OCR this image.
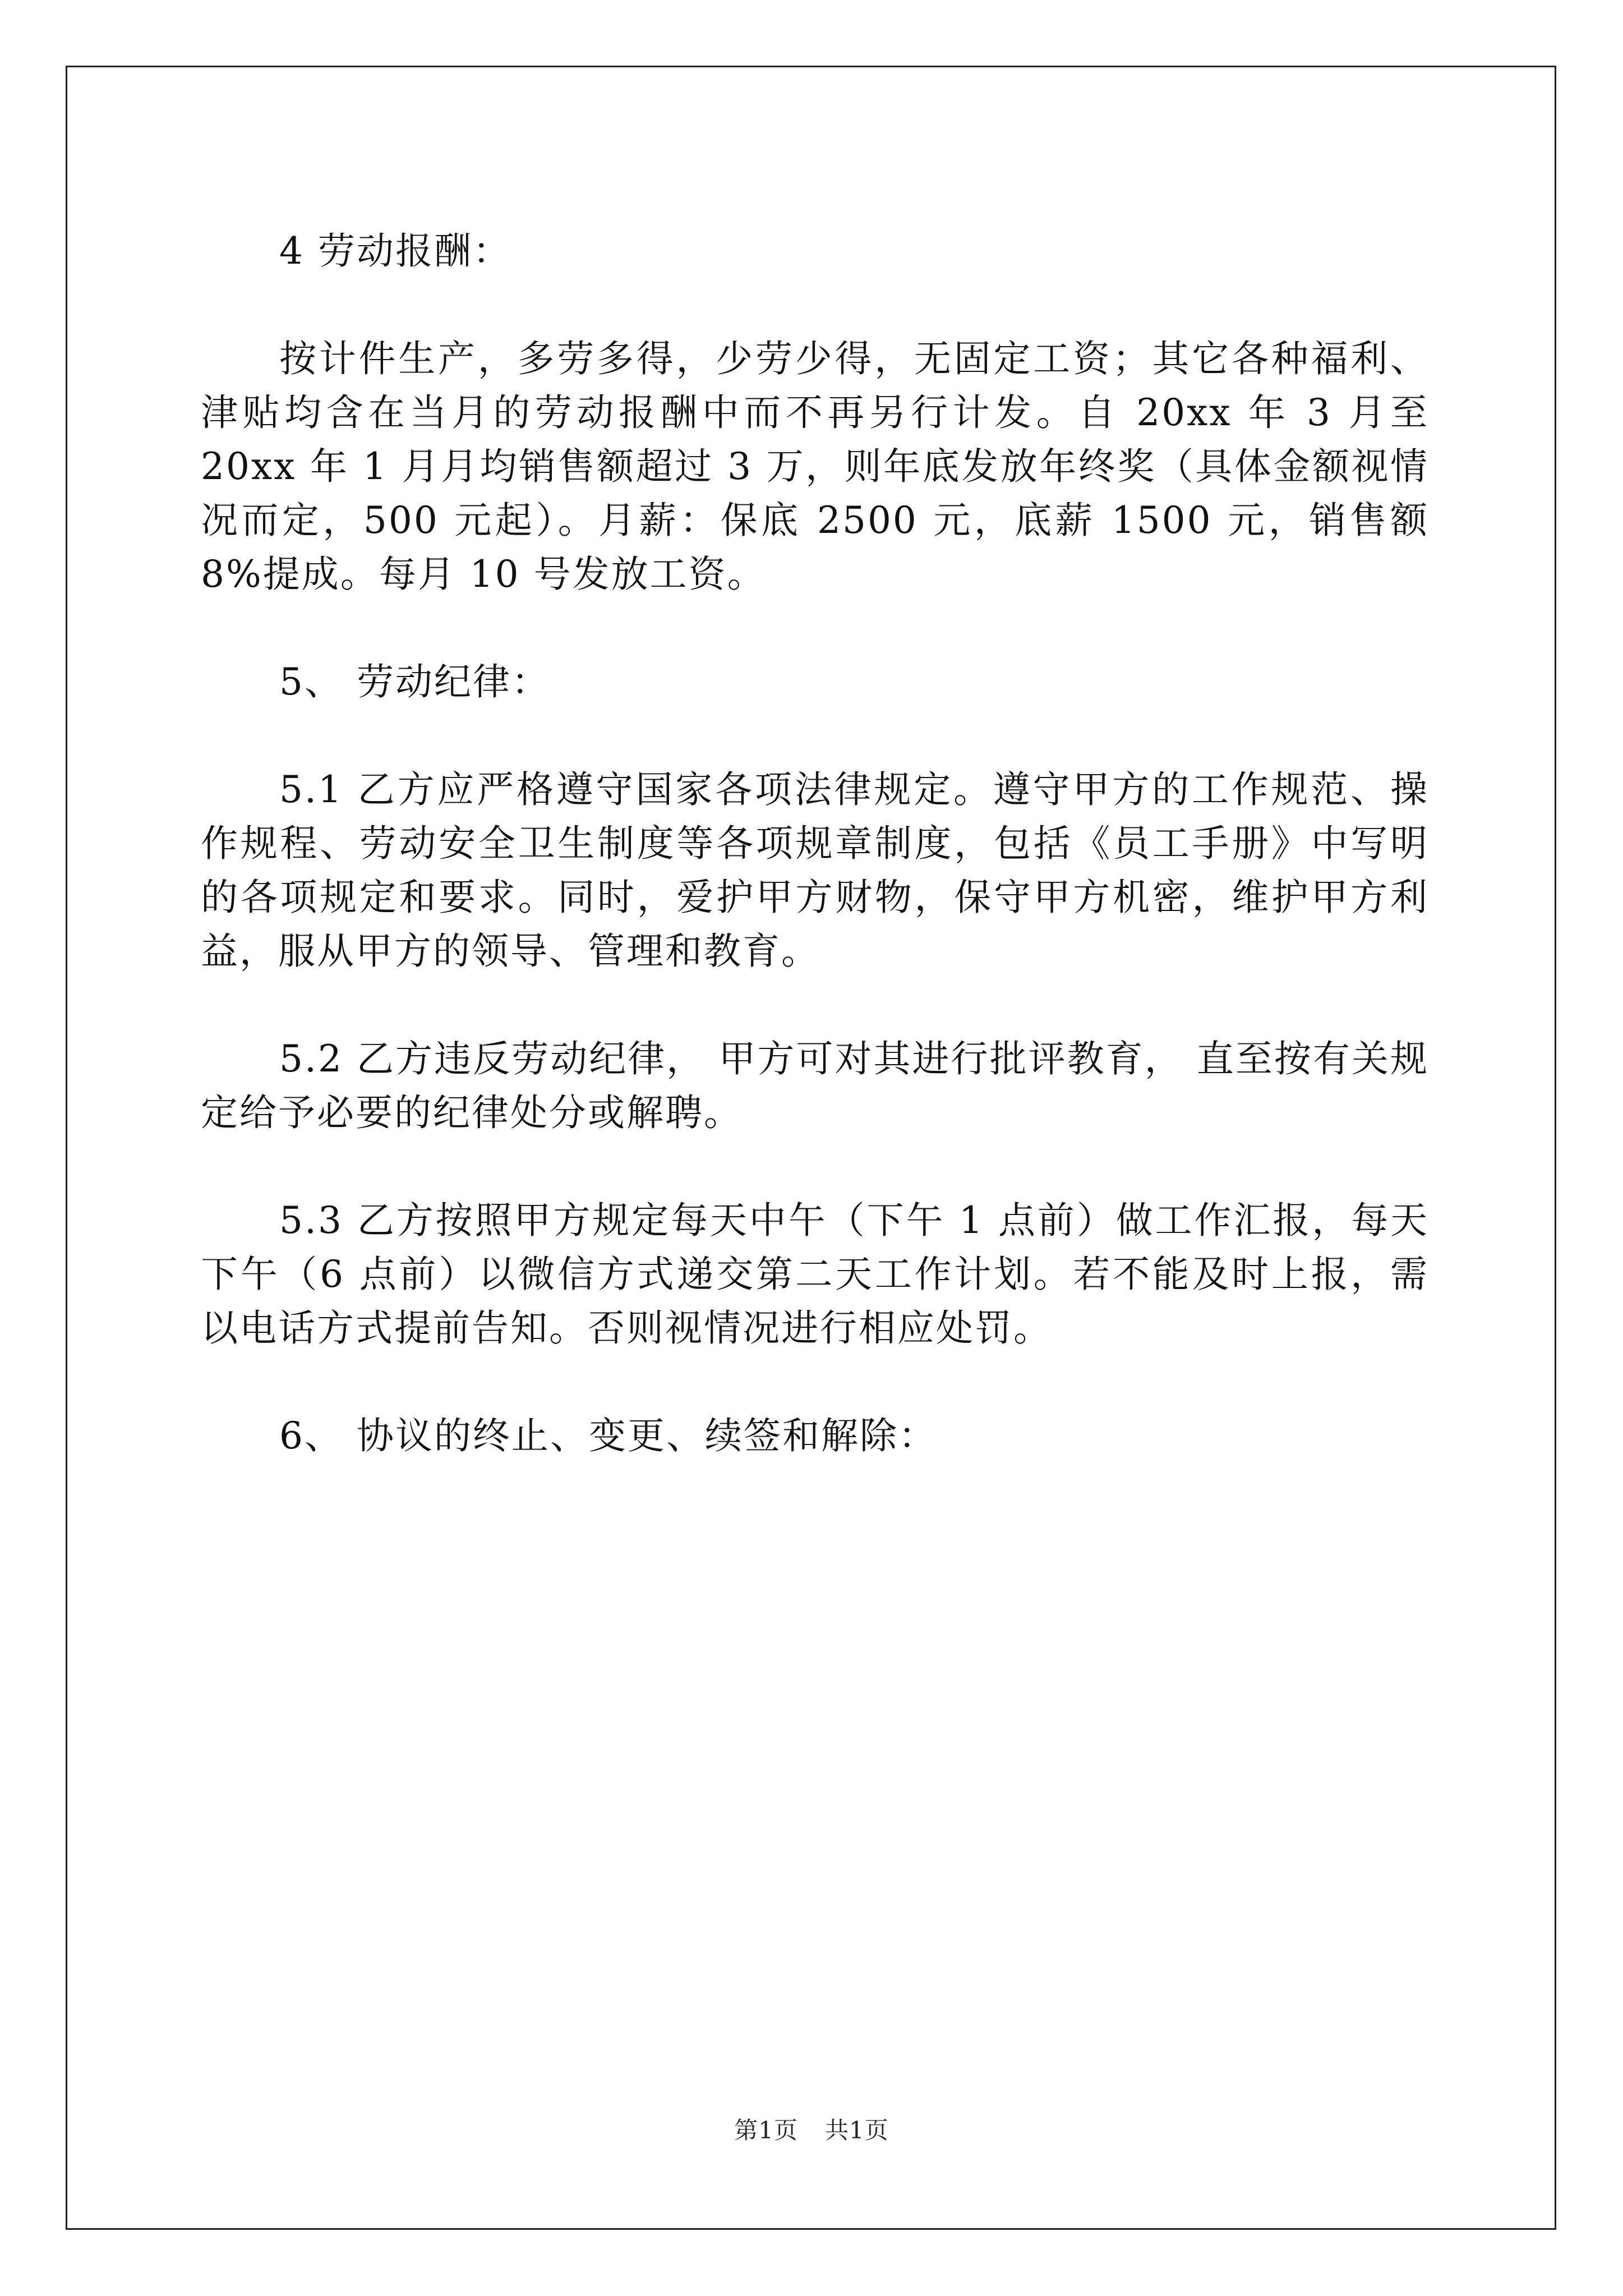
4 劳动报酬：

按计件生产，多劳多得，少劳少得，无固定工资；其它各种福利、津贴均含在当月的劳动报酬中而不再另行计发。自 20xx 年 3 月至 20xx 年 1 月月均销售额超过 3 万，则年底发放年终奖（具体金额视情况而定，500 元起）。月薪：保底 2500 元，底薪 1500 元，销售额 8%提成。每月 10 号发放工资。

5、 劳动纪律：

5.1 乙方应严格遵守国家各项法律规定。遵守甲方的工作规范、操作规程、劳动安全卫生制度等各项规章制度，包括《员工手册》中写明的各项规定和要求。同时，爱护甲方财物，保守甲方机密，维护甲方利益，服从甲方的领导、管理和教育。

5.2 乙方违反劳动纪律， 甲方可对其进行批评教育， 直至按有关规定给予必要的纪律处分或解聘。

5.3 乙方按照甲方规定每天中午（下午 1 点前）做工作汇报，每天下午（6 点前）以微信方式递交第二天工作计划。若不能及时上报，需以电话方式提前告知。否则视情况进行相应处罚。

6、 协议的终止、变更、续签和解除：

第1页 共1页
